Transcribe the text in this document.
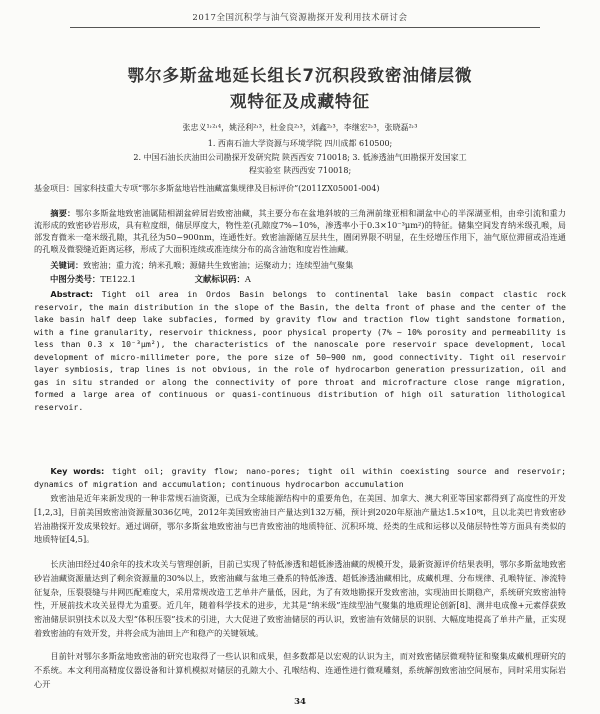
2017全国沉积学与油气资源勘探开发利用技术研讨会
鄂尔多斯盆地延长组长7沉积段致密油储层微
观特征及成藏特征
张忠义¹˒²˒⁴，姚泾利²˒³，杜金良²˒³，刘鑫²˒³，李继宏²˒³，张晓磊²˒³
1. 西南石油大学资源与环境学院 四川成都 610500;
2. 中国石油长庆油田公司勘探开发研究院 陕西西安 710018; 3. 低渗透油气田勘探开发国家工
程实验室 陕西西安 710018;
基金项目：国家科技重大专项“鄂尔多斯盆地岩性油藏富集规律及目标评价”(2011ZX05001-004)
摘要：鄂尔多斯盆地致密油属陆相湖盆碎屑岩致密油藏，其主要分布在盆地斜坡的三角洲前缘亚相和湖盆中心的半深湖亚相，由牵引流和重力流形成的致密砂岩形成，具有粒度细，储层厚度大，物性差(孔隙度7%~10%，渗透率小于0.3×10⁻³μm²)的特征。储集空间发育纳米级孔喉，局部发育微米一毫米级孔隙，其孔径为50~900nm，连通性好。致密油源储互层共生，圈闭界限不明显，在生烃增压作用下，油气原位滞留或沿连通的孔喉及微裂缝近距离运移，形成了大面积连续或准连续分布的高含油饱和度岩性油藏。
关键词：致密油；重力流；纳米孔喉；源储共生致密油；运聚动力；连续型油气聚集
中图分类号：TE122.1	文献标识码：A
Abstract: Tight oil area in Ordos Basin belongs to continental lake basin compact clastic rock reservoir, the main distribution in the slope of the Basin, the delta front of phase and the center of the lake basin half deep lake subfacies, formed by gravity flow and traction flow tight sandstone formation, with a fine granularity, reservoir thickness, poor physical property (7% ~ 10% porosity and permeability is less than 0.3 x 10⁻³μm²), the characteristics of the nanoscale pore reservoir space development, local development of micro-millimeter pore, the pore size of 50~900 nm, good connectivity. Tight oil reservoir layer symbiosis, trap lines is not obvious, in the role of hydrocarbon generation pressurization, oil and gas in situ stranded or along the connectivity of pore throat and microfracture close range migration, formed a large area of continuous or quasi-continuous distribution of high oil saturation lithological reservoir.
Key words: tight oil; gravity flow; nano-pores; tight oil within coexisting source and reservoir; dynamics of migration and accumulation; continuous hydrocarbon accumulation
致密油是近年来新发现的一种非常规石油资源，已成为全球能源结构中的重要角色，在美国、加拿大、澳大利亚等国家都得到了高度性的开发[1,2,3]，目前美国致密油资源量3036亿吨，2012年美国致密油日产量达到132万桶，预计到2020年原油产量达1.5×10⁸t，且以北美巴肯致密砂岩油勘探开发成果较好。通过调研，鄂尔多斯盆地致密油与巴肯致密油的地质特征、沉积环境、烃类的生成和运移以及储层特性等方面具有类似的地质特征[4,5]。
长庆油田经过40余年的技术攻关与管理创新，目前已实现了特低渗透和超低渗透油藏的规模开发，最新资源评价结果表明，鄂尔多斯盆地致密砂岩油藏资源量达到了剩余资源量的30%以上，致密油藏与盆地三叠系的特低渗透、超低渗透油藏相比，成藏机理、分布规律、孔喉特征、渗流特征复杂，压裂裂缝与井网匹配难度大，采用常规改造工艺单井产量低，因此，为了有效地勘探开发致密油，实现油田长期稳产，系统研究致密油特性，开展前技术攻关显得尤为重要。近几年，随着科学技术的进步，尤其是“纳米级”连续型油气聚集的地质理论创新[8]、测井电成像+元素俘获致密油储层识别技术以及大型“体积压裂”技术的引进，大大促进了致密油储层的再认识，致密油有效储层的识别、大幅度地提高了单井产量，正实现着致密油的有效开发，并将会成为油田上产和稳产的关键领域。
目前针对鄂尔多斯盆地致密油的研究也取得了一些认识和成果，但多数都是以宏观的认识为主，而对致密储层微观特征和聚集成藏机理研究的不系统。本文利用高精度仪器设备和计算机模拟对储层的孔隙大小、孔喉结构、连通性进行微观雕刻，系统解剖致密油空间展布，同时采用实际岩心开
34
